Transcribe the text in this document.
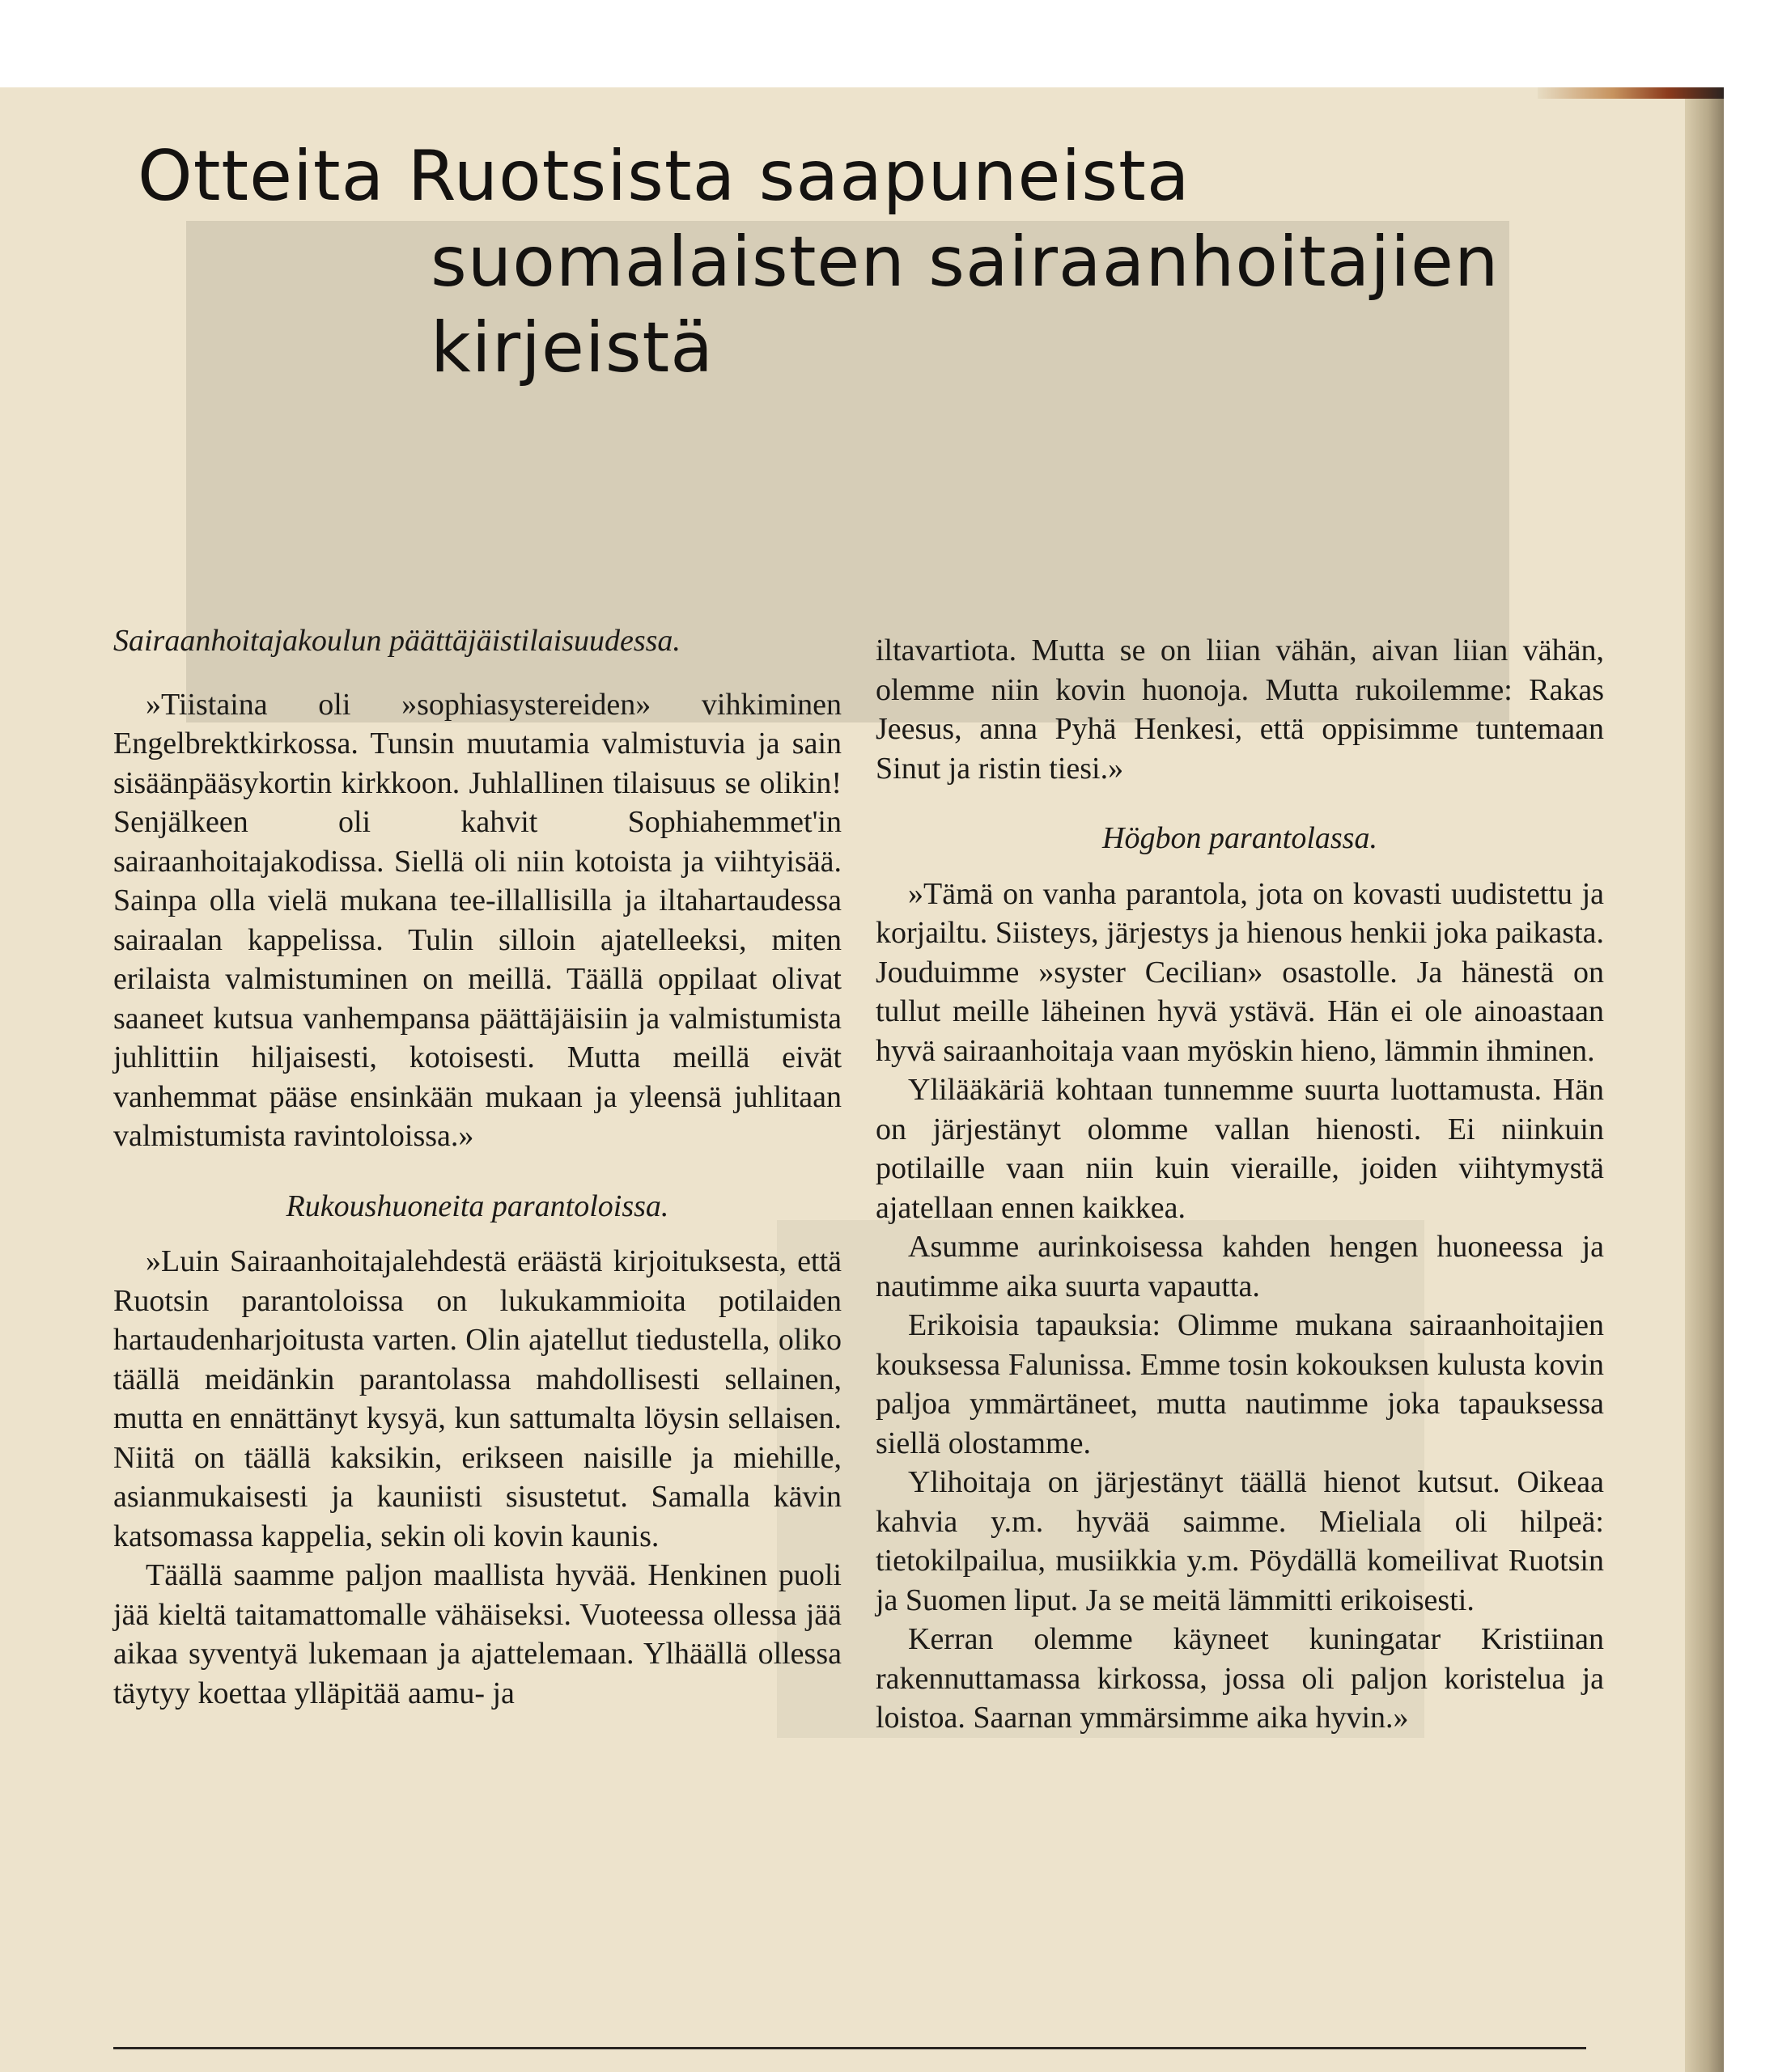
Otteita Ruotsista saapuneista
suomalaisten sairaanhoitajien
kirjeistä

Sairaanhoitajakoulun päättäjäistilaisuudessa.

»Tiistaina oli »sophiasystereiden» vihkiminen Engelbrektkirkossa. Tunsin muutamia valmistuvia ja sain sisäänpääsykortin kirkkoon. Juhlallinen tilaisuus se olikin! Senjälkeen oli kahvit Sophiahemmet'in sairaanhoitajakodissa. Siellä oli niin kotoista ja viihtyisää. Sainpa olla vielä mukana tee-illallisilla ja iltahartaudessa sairaalan kappelissa. Tulin silloin ajatelleeksi, miten erilaista valmistuminen on meillä. Täällä oppilaat olivat saaneet kutsua vanhempansa päättäjäisiin ja valmistumista juhlittiin hiljaisesti, kotoisesti. Mutta meillä eivät vanhemmat pääse ensinkään mukaan ja yleensä juhlitaan valmistumista ravintoloissa.»

Rukoushuoneita parantoloissa.

»Luin Sairaanhoitajalehdestä eräästä kirjoituksesta, että Ruotsin parantoloissa on lukukammioita potilaiden hartaudenharjoitusta varten. Olin ajatellut tiedustella, oliko täällä meidänkin parantolassa mahdollisesti sellainen, mutta en ennättänyt kysyä, kun sattumalta löysin sellaisen. Niitä on täällä kaksikin, erikseen naisille ja miehille, asianmukaisesti ja kauniisti sisustetut. Samalla kävin katsomassa kappelia, sekin oli kovin kaunis.

Täällä saamme paljon maallista hyvää. Henkinen puoli jää kieltä taitamattomalle vähäiseksi. Vuoteessa ollessa jää aikaa syventyä lukemaan ja ajattelemaan. Ylhäällä ollessa täytyy koettaa ylläpitää aamu- ja

iltavartiota. Mutta se on liian vähän, aivan liian vähän, olemme niin kovin huonoja. Mutta rukoilemme: Rakas Jeesus, anna Pyhä Henkesi, että oppisimme tuntemaan Sinut ja ristin tiesi.»

Högbon parantolassa.

»Tämä on vanha parantola, jota on kovasti uudistettu ja korjailtu. Siisteys, järjestys ja hienous henkii joka paikasta. Jouduimme »syster Cecilian» osastolle. Ja hänestä on tullut meille läheinen hyvä ystävä. Hän ei ole ainoastaan hyvä sairaanhoitaja vaan myöskin hieno, lämmin ihminen.

Ylilääkäriä kohtaan tunnemme suurta luottamusta. Hän on järjestänyt olomme vallan hienosti. Ei niinkuin potilaille vaan niin kuin vieraille, joiden viihtymystä ajatellaan ennen kaikkea.

Asumme aurinkoisessa kahden hengen huoneessa ja nautimme aika suurta vapautta.

Erikoisia tapauksia: Olimme mukana sairaanhoitajien kouksessa Falunissa. Emme tosin kokouksen kulusta kovin paljoa ymmärtäneet, mutta nautimme joka tapauksessa siellä olostamme.

Ylihoitaja on järjestänyt täällä hienot kutsut. Oikeaa kahvia y.m. hyvää saimme. Mieliala oli hilpeä: tietokilpailua, musiikkia y.m. Pöydällä komeilivat Ruotsin ja Suomen liput. Ja se meitä lämmitti erikoisesti.

Kerran olemme käyneet kuningatar Kristiinan rakennuttamassa kirkossa, jossa oli paljon koristelua ja loistoa. Saarnan ymmärsimme aika hyvin.»
